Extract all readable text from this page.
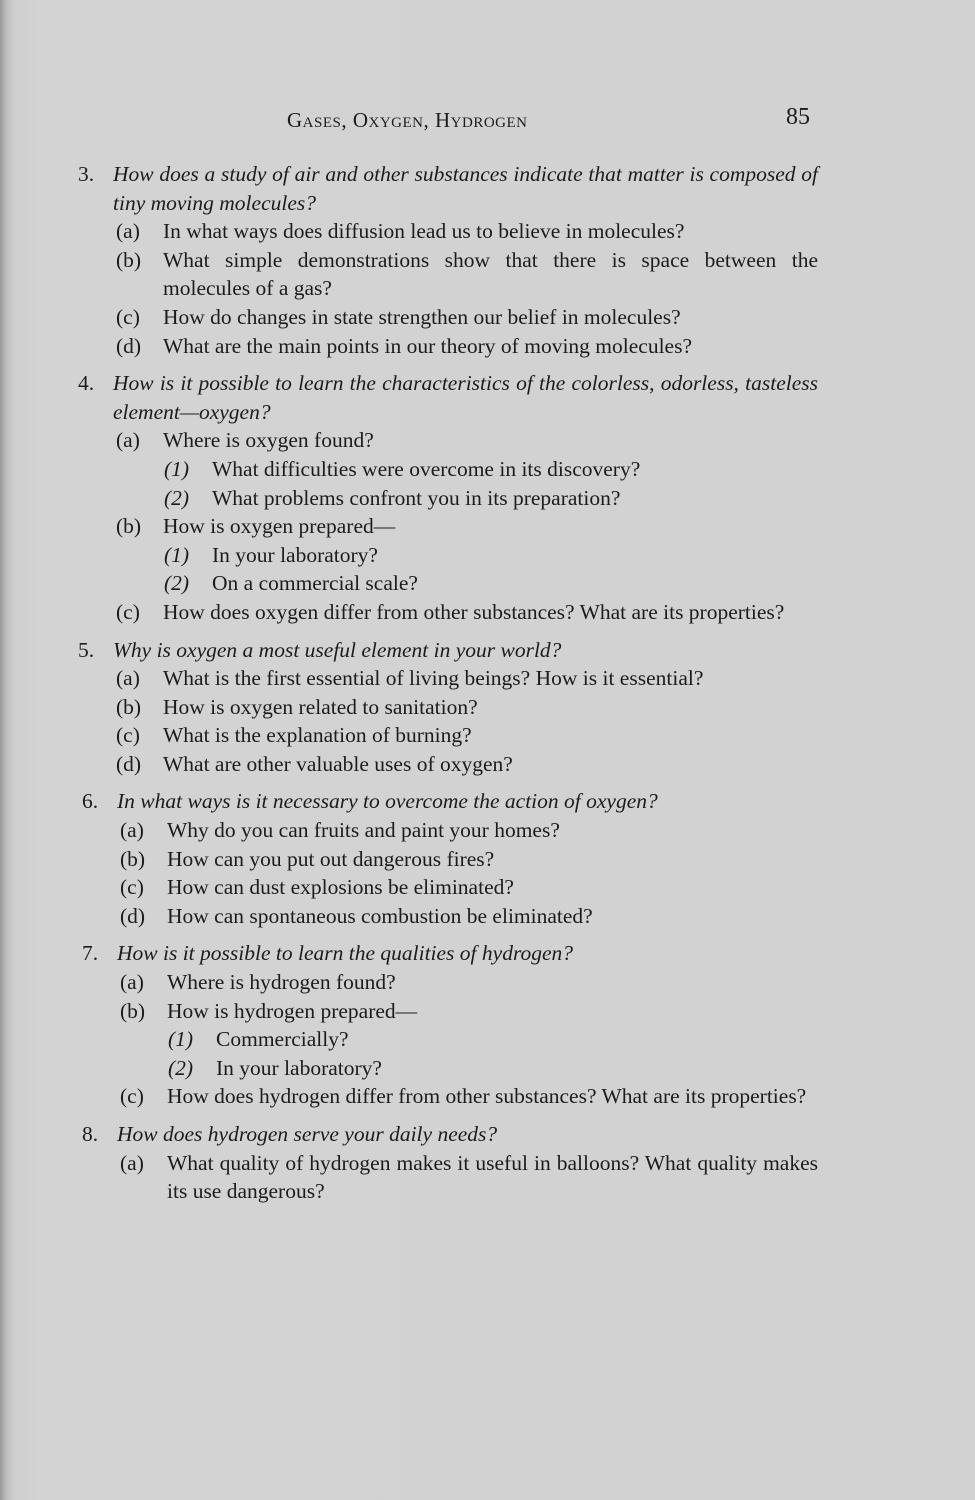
Gases, Oxygen, Hydrogen	85
3. How does a study of air and other substances indicate that matter is composed of tiny moving molecules?
(a) In what ways does diffusion lead us to believe in molecules?
(b) What simple demonstrations show that there is space between the molecules of a gas?
(c) How do changes in state strengthen our belief in molecules?
(d) What are the main points in our theory of moving molecules?
4. How is it possible to learn the characteristics of the colorless, odorless, tasteless element—oxygen?
(a) Where is oxygen found?
(1) What difficulties were overcome in its discovery?
(2) What problems confront you in its preparation?
(b) How is oxygen prepared—
(1) In your laboratory?
(2) On a commercial scale?
(c) How does oxygen differ from other substances? What are its properties?
5. Why is oxygen a most useful element in your world?
(a) What is the first essential of living beings? How is it essential?
(b) How is oxygen related to sanitation?
(c) What is the explanation of burning?
(d) What are other valuable uses of oxygen?
6. In what ways is it necessary to overcome the action of oxygen?
(a) Why do you can fruits and paint your homes?
(b) How can you put out dangerous fires?
(c) How can dust explosions be eliminated?
(d) How can spontaneous combustion be eliminated?
7. How is it possible to learn the qualities of hydrogen?
(a) Where is hydrogen found?
(b) How is hydrogen prepared—
(1) Commercially?
(2) In your laboratory?
(c) How does hydrogen differ from other substances? What are its properties?
8. How does hydrogen serve your daily needs?
(a) What quality of hydrogen makes it useful in balloons? What quality makes its use dangerous?
